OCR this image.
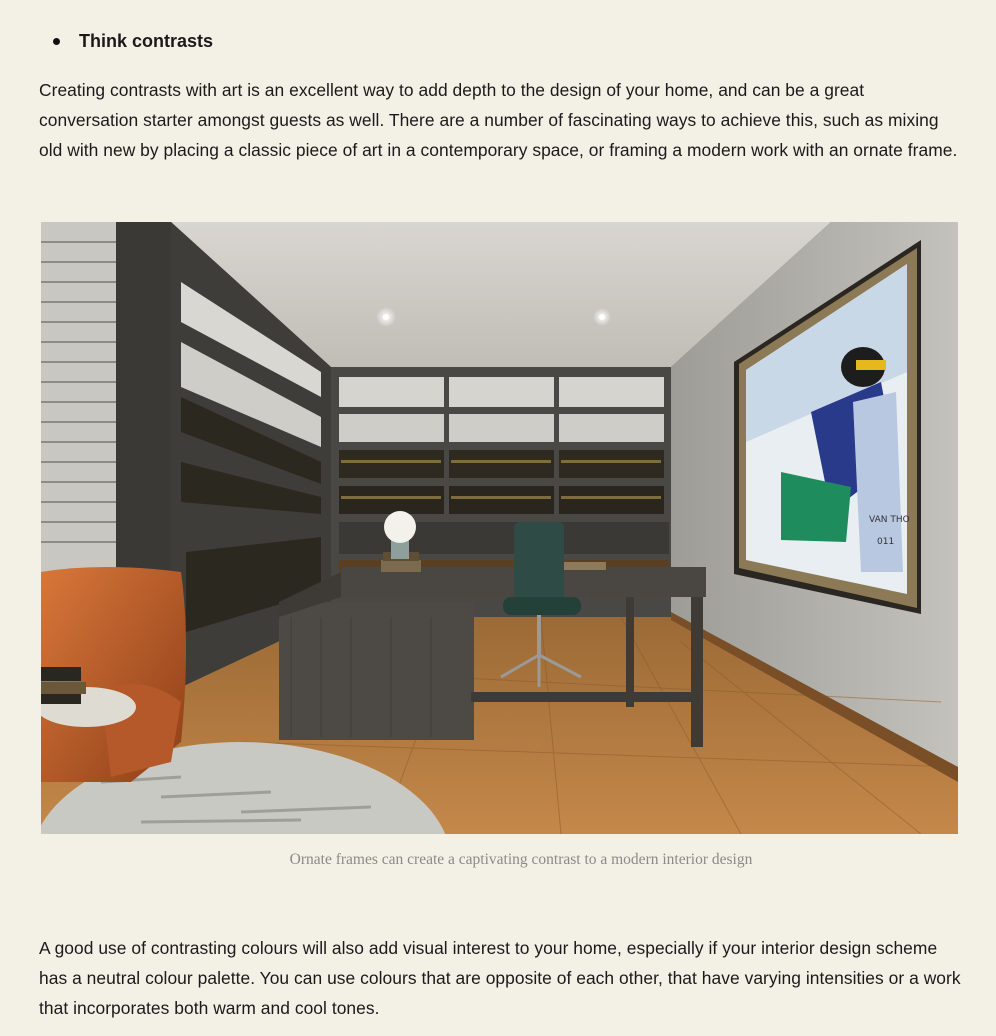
Think contrasts

Creating contrasts with art is an excellent way to add depth to the design of your home, and can be a great conversation starter amongst guests as well. There are a number of fascinating ways to achieve this, such as mixing old with new by placing a classic piece of art in a contemporary space, or framing a modern work with an ornate frame.

VAN THO
011
Ornate frames can create a captivating contrast to a modern interior design

A good use of contrasting colours will also add visual interest to your home, especially if your interior design scheme has a neutral colour palette. You can use colours that are opposite of each other, that have varying intensities or a work that incorporates both warm and cool tones.
